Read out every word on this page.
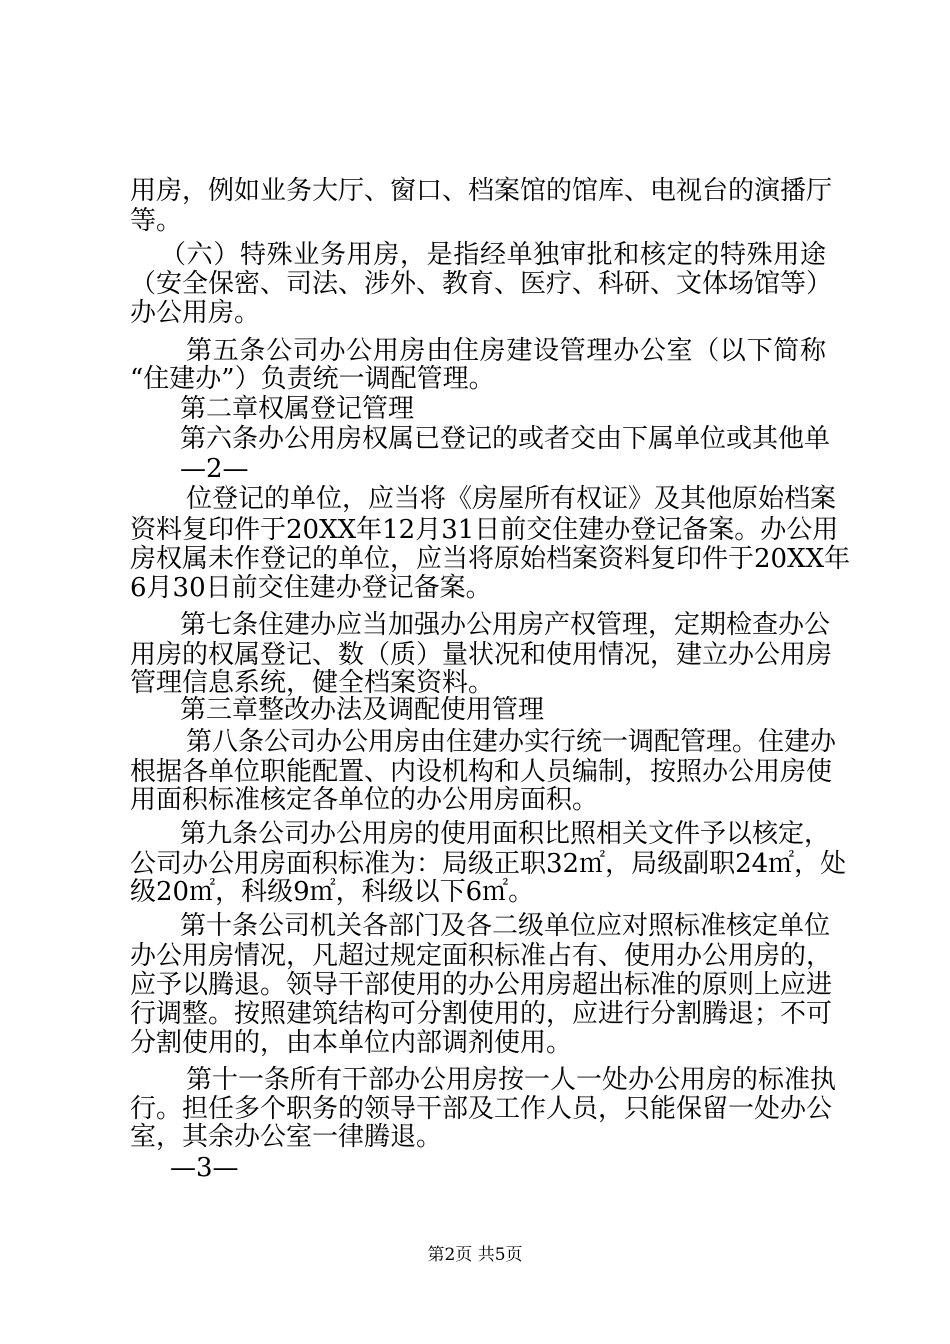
用房，例如业务大厅、窗口、档案馆的馆库、电视台的演播厅
等。
（六）特殊业务用房，是指经单独审批和核定的特殊用途
（安全保密、司法、涉外、教育、医疗、科研、文体场馆等）
办公用房。
第五条公司办公用房由住房建设管理办公室（以下简称
“住建办”）负责统一调配管理。
第二章权属登记管理
第六条办公用房权属已登记的或者交由下属单位或其他单
—2—
位登记的单位，应当将《房屋所有权证》及其他原始档案
资料复印件于20XX年12月31日前交住建办登记备案。办公用
房权属未作登记的单位，应当将原始档案资料复印件于20XX年
6月30日前交住建办登记备案。
第七条住建办应当加强办公用房产权管理，定期检查办公
用房的权属登记、数（质）量状况和使用情况，建立办公用房
管理信息系统，健全档案资料。
第三章整改办法及调配使用管理
第八条公司办公用房由住建办实行统一调配管理。住建办
根据各单位职能配置、内设机构和人员编制，按照办公用房使
用面积标准核定各单位的办公用房面积。
第九条公司办公用房的使用面积比照相关文件予以核定，
公司办公用房面积标准为：局级正职32㎡，局级副职24㎡，处
级20㎡，科级9㎡，科级以下6㎡。
第十条公司机关各部门及各二级单位应对照标准核定单位
办公用房情况，凡超过规定面积标准占有、使用办公用房的，
应予以腾退。领导干部使用的办公用房超出标准的原则上应进
行调整。按照建筑结构可分割使用的，应进行分割腾退；不可
分割使用的，由本单位内部调剂使用。
第十一条所有干部办公用房按一人一处办公用房的标准执
行。担任多个职务的领导干部及工作人员，只能保留一处办公
室，其余办公室一律腾退。
—3—
第2页 共5页
